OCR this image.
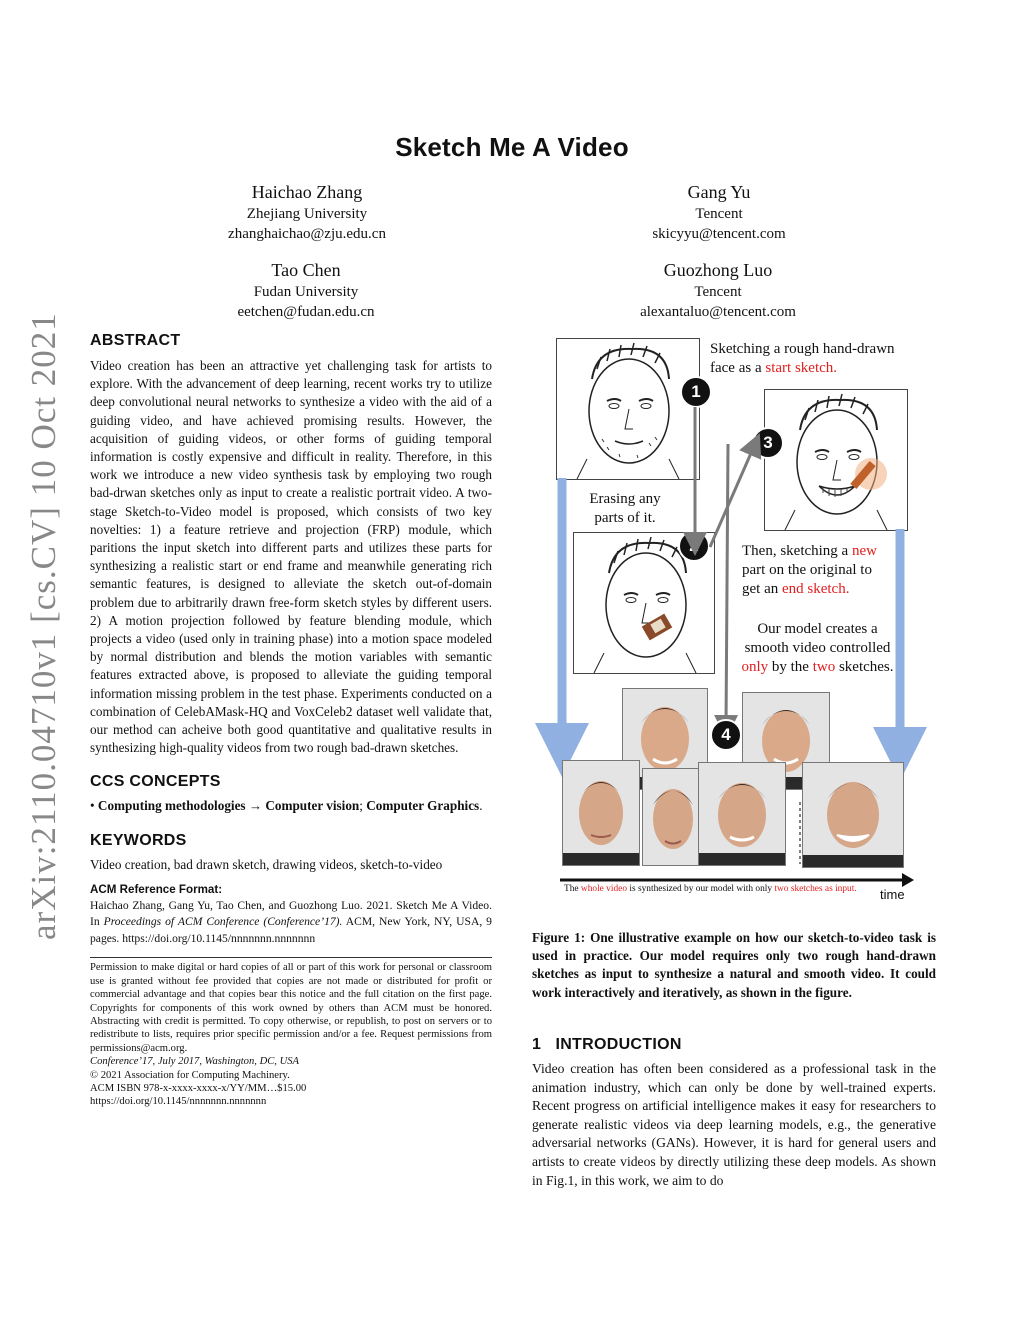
Sketch Me A Video
Haichao Zhang
Zhejiang University
zhanghaichao@zju.edu.cn
Gang Yu
Tencent
skicyyu@tencent.com
Tao Chen
Fudan University
eetchen@fudan.edu.cn
Guozhong Luo
Tencent
alexantaluo@tencent.com
arXiv:2110.04710v1 [cs.CV] 10 Oct 2021 ABSTRACT
Video creation has been an attractive yet challenging task for artists to explore. With the advancement of deep learning, recent works try to utilize deep convolutional neural networks to synthesize a video with the aid of a guiding video, and have achieved promising results. However, the acquisition of guiding videos, or other forms of guiding temporal information is costly expensive and difficult in reality. Therefore, in this work we introduce a new video synthesis task by employing two rough bad-drwan sketches only as input to create a realistic portrait video. A two-stage Sketch-to-Video model is proposed, which consists of two key novelties: 1) a feature retrieve and projection (FRP) module, which paritions the input sketch into different parts and utilizes these parts for synthesizing a realistic start or end frame and meanwhile generating rich semantic features, is designed to alleviate the sketch out-of-domain problem due to arbitrarily drawn free-form sketch styles by different users. 2) A motion projection followed by feature blending module, which projects a video (used only in training phase) into a motion space modeled by normal distribution and blends the motion variables with semantic features extracted above, is proposed to alleviate the guiding temporal information missing problem in the test phase. Experiments conducted on a combination of CelebAMask-HQ and VoxCeleb2 dataset well validate that, our method can acheive both good quantitative and qualitative results in synthesizing high-quality videos from two rough bad-drawn sketches.
CCS CONCEPTS
• Computing methodologies → Computer vision; Computer Graphics.
KEYWORDS
Video creation, bad drawn sketch, drawing videos, sketch-to-video
ACM Reference Format:
Haichao Zhang, Gang Yu, Tao Chen, and Guozhong Luo. 2021. Sketch Me A Video. In Proceedings of ACM Conference (Conference’17). ACM, New York, NY, USA, 9 pages. https://doi.org/10.1145/nnnnnnn.nnnnnnn
Permission to make digital or hard copies of all or part of this work for personal or classroom use is granted without fee provided that copies are not made or distributed for profit or commercial advantage and that copies bear this notice and the full citation on the first page. Copyrights for components of this work owned by others than ACM must be honored. Abstracting with credit is permitted. To copy otherwise, or republish, to post on servers or to redistribute to lists, requires prior specific permission and/or a fee. Request permissions from permissions@acm.org.
Conference’17, July 2017, Washington, DC, USA
© 2021 Association for Computing Machinery.
ACM ISBN 978-x-xxxx-xxxx-x/YY/MM…$15.00
https://doi.org/10.1145/nnnnnnn.nnnnnnn
Sketching a rough hand-drawn
face as a start sketch.
1
3
Erasing any
parts of it.
2	Then, sketching a new
part on the original to
get an end sketch.
Our model creates a
smooth video controlled
only by the two sketches.
4
The whole video is synthesized by our model with only two sketches as input.	time
Figure 1: One illustrative example on how our sketch-to-video task is used in practice. Our model requires only two rough hand-drawn sketches as input to synthesize a natural and smooth video. It could work interactively and iteratively, as shown in the figure.
1 INTRODUCTION
Video creation has often been considered as a professional task in the animation industry, which can only be done by well-trained experts. Recent progress on artificial intelligence makes it easy for researchers to generate realistic videos via deep learning models, e.g., the generative adversarial networks (GANs). However, it is hard for general users and artists to create videos by directly utilizing these deep models. As shown in Fig.1, in this work, we aim to do
